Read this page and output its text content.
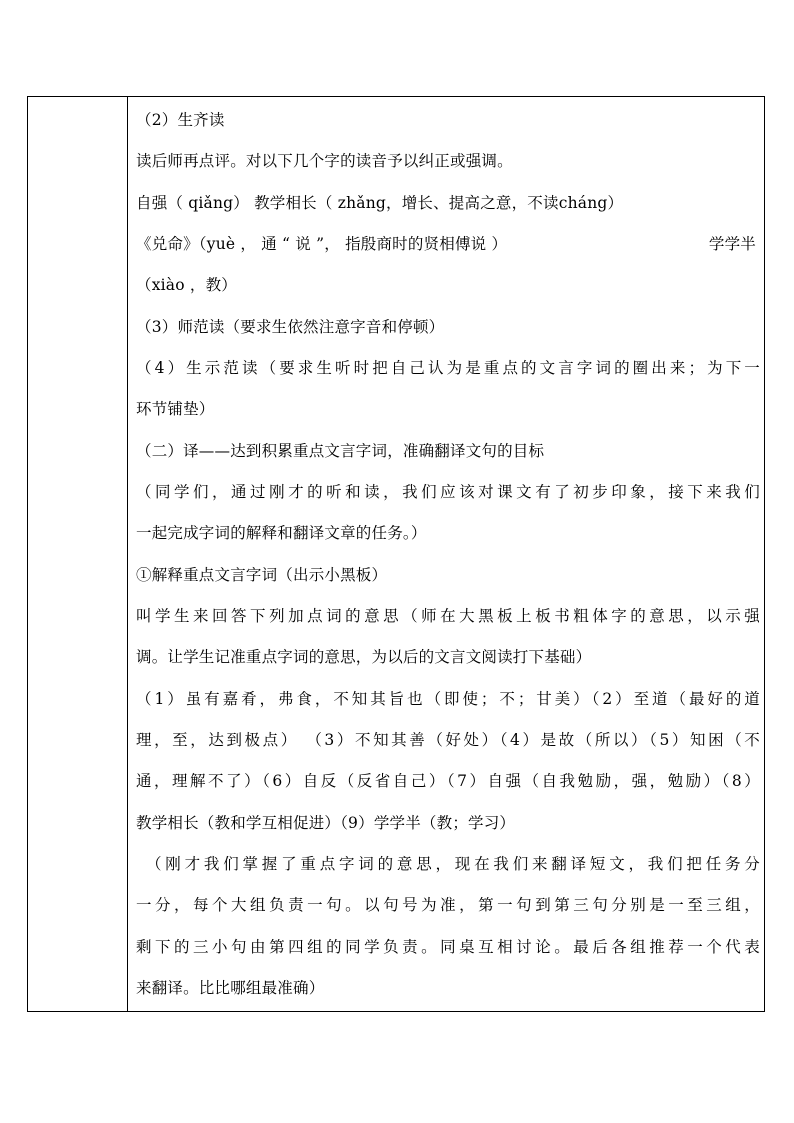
（2）生齐读
读后师再点评。对以下几个字的读音予以纠正或强调。
自强（ qiǎng） 教学相长（ zhǎng，增长、提高之意，不读cháng）
《兑命》（yuè ， 通 “ 说 ”， 指殷商时的贤相傅说 ）	学学半
（xiào ，教）
（3）师范读（要求生依然注意字音和停顿）
（4）生示范读（要求生听时把自己认为是重点的文言字词的圈出来；为下一
环节铺垫）
（二）译——达到积累重点文言字词，准确翻译文句的目标
（同学们，通过刚才的听和读，我们应该对课文有了初步印象，接下来我们
一起完成字词的解释和翻译文章的任务。）
①解释重点文言字词（出示小黑板）
叫学生来回答下列加点词的意思（师在大黑板上板书粗体字的意思，以示强
调。让学生记准重点字词的意思，为以后的文言文阅读打下基础）
（1）虽有嘉肴，弗食，不知其旨也（即使；不；甘美）（2）至道（最好的道
理，至，达到极点） （3）不知其善（好处）（4）是故（所以）（5）知困（不
通，理解不了）（6）自反（反省自己）（7）自强（自我勉励，强，勉励）（8）
教学相长（教和学互相促进）（9）学学半（教；学习）
（刚才我们掌握了重点字词的意思，现在我们来翻译短文，我们把任务分
一分，每个大组负责一句。以句号为准，第一句到第三句分别是一至三组，
剩下的三小句由第四组的同学负责。同桌互相讨论。最后各组推荐一个代表
来翻译。比比哪组最准确）
